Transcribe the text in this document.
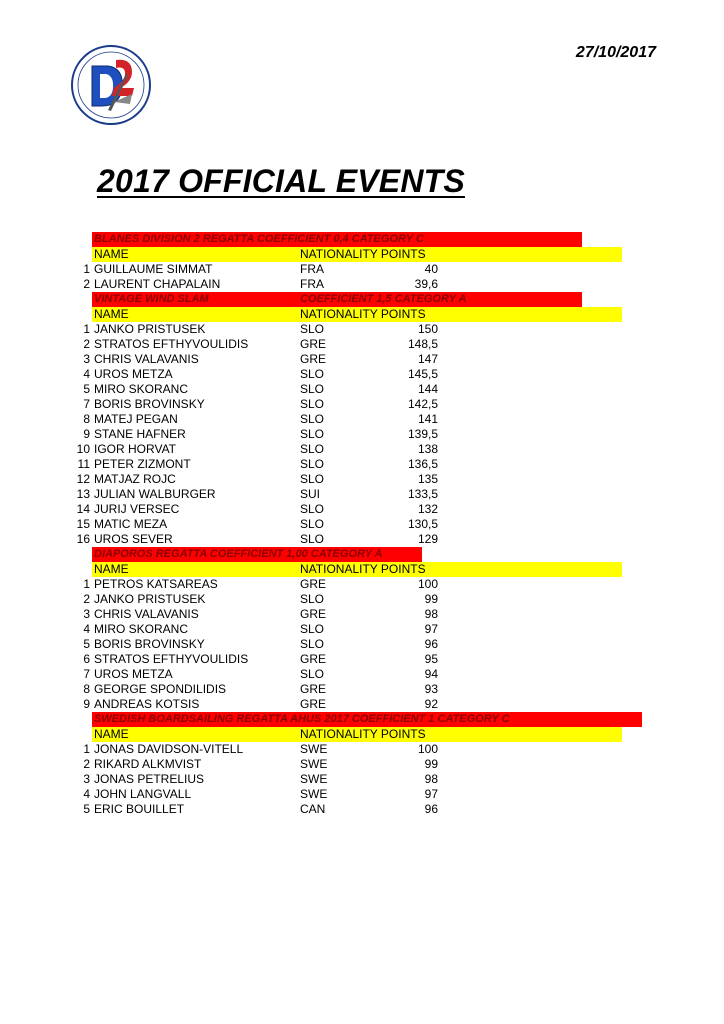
27/10/2017
2017 OFFICIAL EVENTS
BLANES DIVISION 2 REGATTA COEFFICIENT 0,4 CATEGORY C
NAME	NATIONALITY POINTS
1 GUILLAUME SIMMAT	FRA	40
2 LAURENT CHAPALAIN	FRA	39,6
VINTAGE WIND SLAM	COEFFICIENT 1,5 CATEGORY A
NAME	NATIONALITY POINTS
1 JANKO PRISTUSEK	SLO	150
2 STRATOS EFTHYVOULIDIS	GRE	148,5
3 CHRIS VALAVANIS	GRE	147
4 UROS METZA	SLO	145,5
5 MIRO SKORANC	SLO	144
7 BORIS BROVINSKY	SLO	142,5
8 MATEJ PEGAN	SLO	141
9 STANE HAFNER	SLO	139,5
10 IGOR HORVAT	SLO	138
11 PETER ZIZMONT	SLO	136,5
12 MATJAZ ROJC	SLO	135
13 JULIAN WALBURGER	SUI	133,5
14 JURIJ VERSEC	SLO	132
15 MATIC MEZA	SLO	130,5
16 UROS SEVER	SLO	129
DIAPOROS REGATTA COEFFICIENT 1,00 CATEGORY A
NAME	NATIONALITY POINTS
1 PETROS KATSAREAS	GRE	100
2 JANKO PRISTUSEK	SLO	99
3 CHRIS VALAVANIS	GRE	98
4 MIRO SKORANC	SLO	97
5 BORIS BROVINSKY	SLO	96
6 STRATOS EFTHYVOULIDIS	GRE	95
7 UROS METZA	SLO	94
8 GEORGE SPONDILIDIS	GRE	93
9 ANDREAS KOTSIS	GRE	92
SWEDISH BOARDSAILING REGATTA AHUS 2017 COEFFICIENT 1 CATEGORY C
NAME	NATIONALITY POINTS
1 JONAS DAVIDSON-VITELL	SWE	100
2 RIKARD ALKMVIST	SWE	99
3 JONAS PETRELIUS	SWE	98
4 JOHN LANGVALL	SWE	97
5 ERIC BOUILLET	CAN	96
